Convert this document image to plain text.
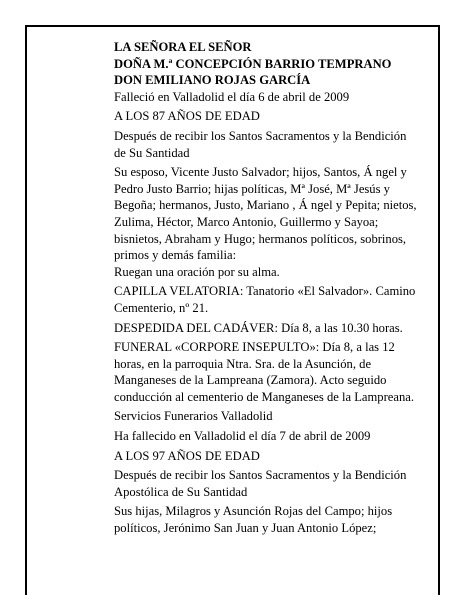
LA SEÑORA EL SEÑOR
DOÑA M.ª CONCEPCIÓN BARRIO TEMPRANO
DON EMILIANO ROJAS GARCÍA

Falleció en Valladolid el día 6 de abril de 2009

A LOS 87 AÑOS DE EDAD

Después de recibir los Santos Sacramentos y la Bendición de Su Santidad

Su esposo, Vicente Justo Salvador; hijos, Santos, Á ngel y Pedro Justo Barrio; hijas políticas, Mª José, Mª Jesús y Begoña; hermanos, Justo, Mariano , Á ngel y Pepita; nietos, Zulima, Héctor, Marco Antonio, Guillermo y Sayoa; bisnietos, Abraham y Hugo; hermanos políticos, sobrinos, primos y demás familia:

Ruegan una oración por su alma.

CAPILLA VELATORIA: Tanatorio «El Salvador». Camino Cementerio, nº 21.

DESPEDIDA DEL CADÁVER: Día 8, a las 10.30 horas.

FUNERAL «CORPORE INSEPULTO»: Día 8, a las 12 horas, en la parroquia Ntra. Sra. de la Asunción, de Manganeses de la Lampreana (Zamora). Acto seguido conducción al cementerio de Manganeses de la Lampreana.

Servicios Funerarios Valladolid

Ha fallecido en Valladolid el día 7 de abril de 2009

A LOS 97 AÑOS DE EDAD

Después de recibir los Santos Sacramentos y la Bendición Apostólica de Su Santidad

Sus hijas, Milagros y Asunción Rojas del Campo; hijos políticos, Jerónimo San Juan y Juan Antonio López;
